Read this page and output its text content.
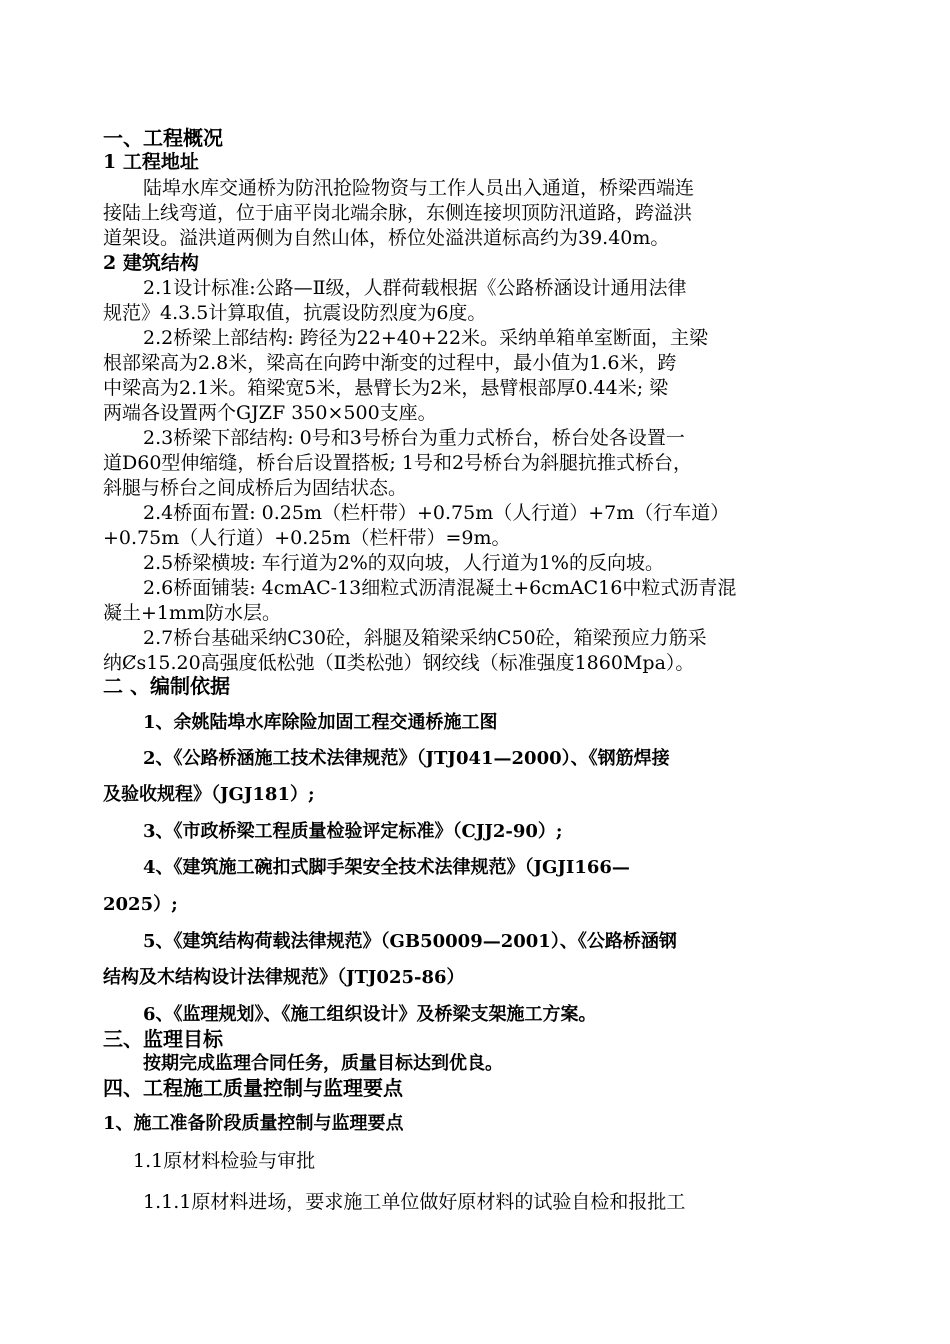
一、工程概况
1 工程地址
陆埠水库交通桥为防汛抢险物资与工作人员出入通道，桥梁西端连
接陆上线弯道，位于庙平岗北端余脉，东侧连接坝顶防汛道路，跨溢洪
道架设。溢洪道两侧为自然山体，桥位处溢洪道标高约为39.40m。
2 建筑结构
2.1设计标准:公路—Ⅱ级，人群荷载根据《公路桥涵设计通用法律
规范》4.3.5计算取值，抗震设防烈度为6度。
2.2桥梁上部结构: 跨径为22+40+22米。采纳单箱单室断面，主梁
根部梁高为2.8米，梁高在向跨中渐变的过程中，最小值为1.6米，跨
中梁高为2.1米。箱梁宽5米，悬臂长为2米，悬臂根部厚0.44米; 梁
两端各设置两个GJZF 350×500支座。
2.3桥梁下部结构: 0号和3号桥台为重力式桥台，桥台处各设置一
道D60型伸缩缝，桥台后设置搭板; 1号和2号桥台为斜腿抗推式桥台，
斜腿与桥台之间成桥后为固结状态。
2.4桥面布置: 0.25m（栏杆带）+0.75m（人行道）+7m（行车道）
+0.75m（人行道）+0.25m（栏杆带）=9m。
2.5桥梁横坡: 车行道为2%的双向坡，人行道为1%的反向坡。
2.6桥面铺装: 4cmAC-13细粒式沥清混凝土+6cmAC16中粒式沥青混
凝土+1mm防水层。
2.7桥台基础采纳C30砼，斜腿及箱梁采纳C50砼，箱梁预应力筋采
纳Ȼs15.20高强度低松弛（Ⅱ类松弛）钢绞线（标准强度1860Mpa）。
二 、编制依据
1、余姚陆埠水库除险加固工程交通桥施工图
2、《公路桥涵施工技术法律规范》（JTJ041—2000）、《钢筋焊接
及验收规程》（JGJ181）;
3、《市政桥梁工程质量检验评定标准》（CJJ2-90）;
4、《建筑施工碗扣式脚手架安全技术法律规范》（JGJI166—
2025）;
5、《建筑结构荷载法律规范》（GB50009—2001）、《公路桥涵钢
结构及木结构设计法律规范》（JTJ025-86）
6、《监理规划》、《施工组织设计》及桥梁支架施工方案。
三、监理目标
按期完成监理合同任务，质量目标达到优良。
四、工程施工质量控制与监理要点
1、施工准备阶段质量控制与监理要点
1.1原材料检验与审批
1.1.1原材料进场，要求施工单位做好原材料的试验自检和报批工
